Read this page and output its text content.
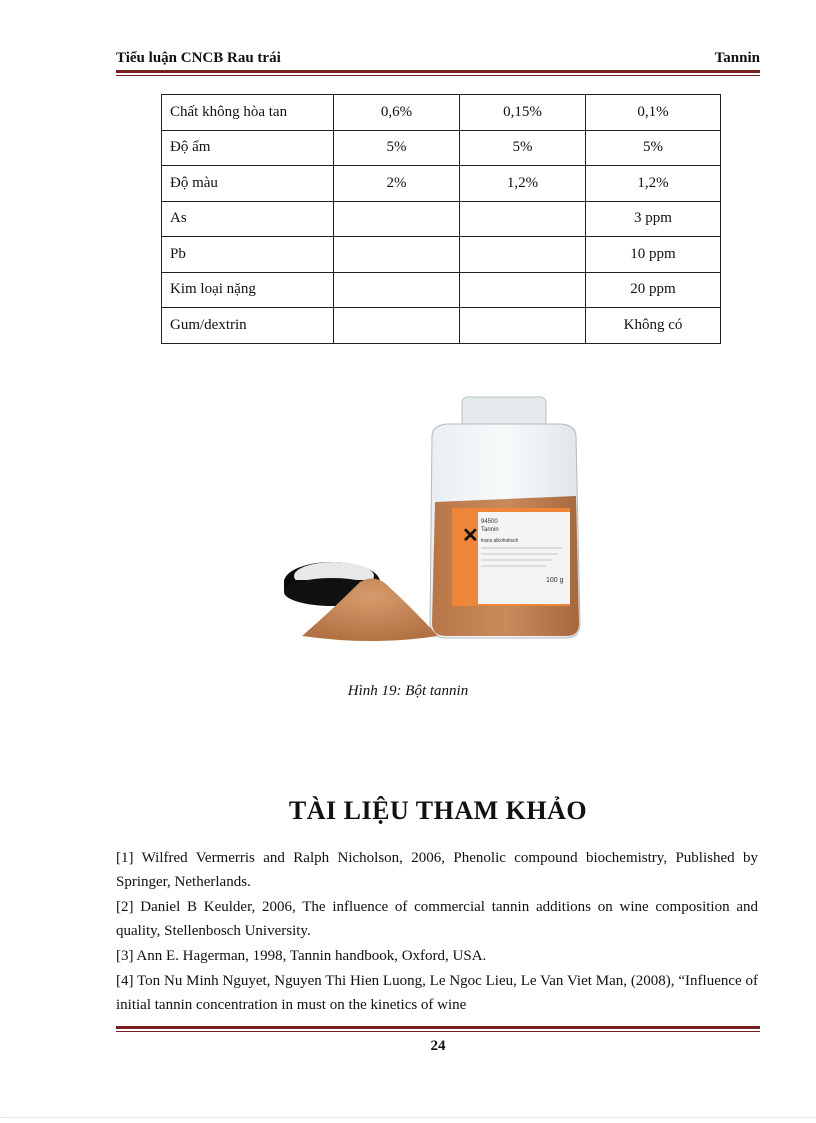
Tiểu luận CNCB Rau trái	Tannin
Chất không hòa tan	0,6%	0,15%	0,1%
Độ ẩm	5%	5%	5%
Độ màu	2%	1,2%	1,2%
As			3 ppm
Pb			10 ppm
Kim loại nặng			20 ppm
Gum/dextrin			Không có
✕
94500
Tannin
trans alkoholisch
100 g
Hình 19: Bột tannin
TÀI LIỆU THAM KHẢO

[1] Wilfred Vermerris and Ralph Nicholson, 2006, Phenolic compound biochemistry, Published by Springer, Netherlands.

[2] Daniel B Keulder, 2006, The influence of commercial tannin additions on wine composition and quality, Stellenbosch University.

[3] Ann E. Hagerman, 1998, Tannin handbook, Oxford, USA.

[4] Ton Nu Minh Nguyet, Nguyen Thi Hien Luong, Le Ngoc Lieu, Le Van Viet Man, (2008), “Influence of initial tannin concentration in must on the kinetics of wine

24
